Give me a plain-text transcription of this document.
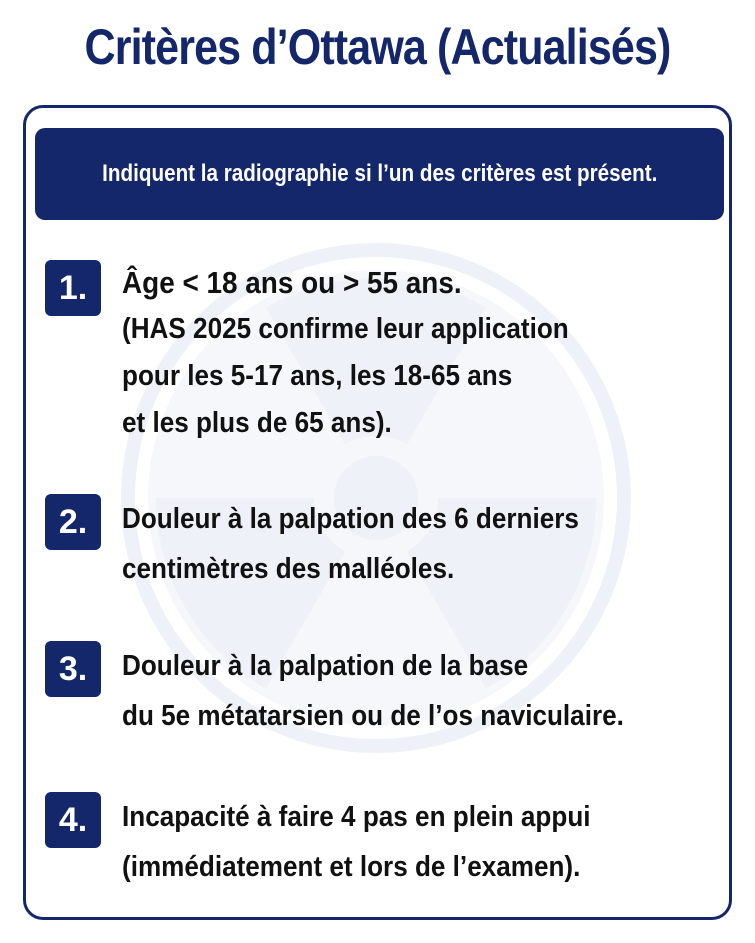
Critères d’Ottawa (Actualisés)
Indiquent la radiographie si l’un des critères est présent.
1.	Âge < 18 ans ou > 55 ans.
(HAS 2025 confirme leur application
pour les 5-17 ans, les 18-65 ans
et les plus de 65 ans).
2.	Douleur à la palpation des 6 derniers
centimètres des malléoles.
3.	Douleur à la palpation de la base
du 5e métatarsien ou de l’os naviculaire.
4.	Incapacité à faire 4 pas en plein appui
(immédiatement et lors de l’examen).
